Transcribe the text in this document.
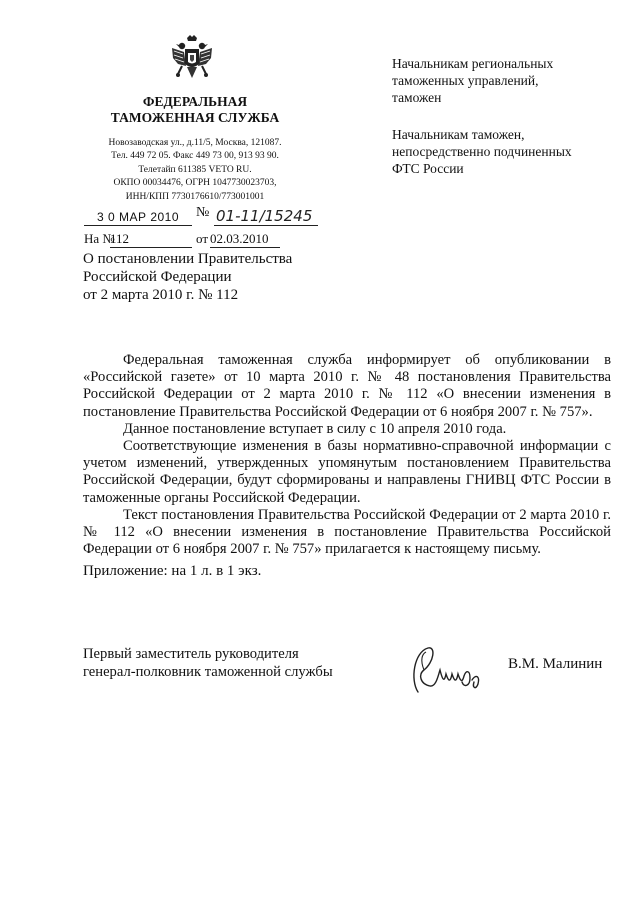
ФЕДЕРАЛЬНАЯ
ТАМОЖЕННАЯ СЛУЖБА
Новозаводская ул., д.11/5, Москва, 121087.
Тел. 449 72 05. Факс 449 73 00, 913 93 90.
Телетайп 611385 VETO RU.
ОКПО 00034476, ОГРН 1047730023703,
ИНН/КПП 7730176610/773001001
Начальникам региональных
таможенных управлений,
таможен
Начальникам таможен,
непосредственно подчиненных
ФТС России
3 0 МАР 2010	№ 01-11/15245
На №
112	от 02.03.2010
О постановлении Правительства
Российской Федерации
от 2 марта 2010 г. № 112

Федеральная таможенная служба информирует об опубликовании в «Российской газете» от 10 марта 2010 г. № 48 постановления Правительства Российской Федерации от 2 марта 2010 г. № 112 «О внесении изменения в постановление Правительства Российской Федерации от 6 ноября 2007 г. № 757».

Данное постановление вступает в силу с 10 апреля 2010 года.

Соответствующие изменения в базы нормативно-справочной информации с учетом изменений, утвержденных упомянутым постановлением Правительства Российской Федерации, будут сформированы и направлены ГНИВЦ ФТС России в таможенные органы Российской Федерации.

Текст постановления Правительства Российской Федерации от 2 марта 2010 г. № 112 «О внесении изменения в постановление Правительства Российской Федерации от 6 ноября 2007 г. № 757» прилагается к настоящему письму.

Приложение: на 1 л. в 1 экз.
Первый заместитель руководителя
генерал-полковник таможенной службы	В.М. Малинин
